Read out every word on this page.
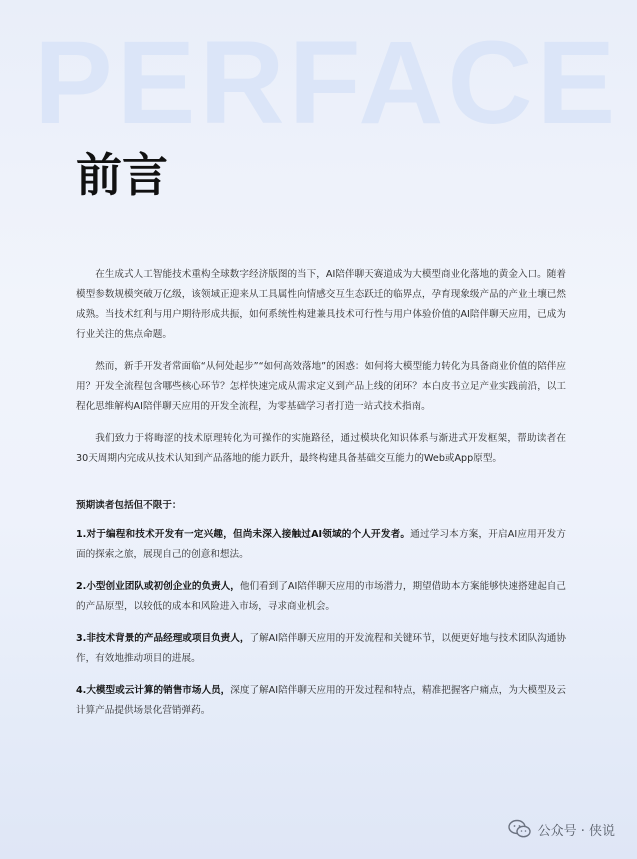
PERFACE
前言

在生成式人工智能技术重构全球数字经济版图的当下，AI陪伴聊天赛道成为大模型商业化落地的黄金入口。随着模型参数规模突破万亿级，该领域正迎来从工具属性向情感交互生态跃迁的临界点，孕育现象级产品的产业土壤已然成熟。当技术红利与用户期待形成共振，如何系统性构建兼具技术可行性与用户体验价值的AI陪伴聊天应用，已成为行业关注的焦点命题。

然而，新手开发者常面临“从何处起步”“如何高效落地”的困惑：如何将大模型能力转化为具备商业价值的陪伴应用？开发全流程包含哪些核心环节？怎样快速完成从需求定义到产品上线的闭环？本白皮书立足产业实践前沿，以工程化思维解构AI陪伴聊天应用的开发全流程，为零基础学习者打造一站式技术指南。

我们致力于将晦涩的技术原理转化为可操作的实施路径，通过模块化知识体系与渐进式开发框架，帮助读者在30天周期内完成从技术认知到产品落地的能力跃升，最终构建具备基础交互能力的Web或App原型。

预期读者包括但不限于：
1.对于编程和技术开发有一定兴趣，但尚未深入接触过AI领域的个人开发者。通过学习本方案，开启AI应用开发方面的探索之旅，展现自己的创意和想法。
2.小型创业团队或初创企业的负责人，他们看到了AI陪伴聊天应用的市场潜力，期望借助本方案能够快速搭建起自己的产品原型，以较低的成本和风险进入市场，寻求商业机会。
3.非技术背景的产品经理或项目负责人，了解AI陪伴聊天应用的开发流程和关键环节，以便更好地与技术团队沟通协作，有效地推动项目的进展。
4.大模型或云计算的销售市场人员，深度了解AI陪伴聊天应用的开发过程和特点，精准把握客户痛点，为大模型及云计算产品提供场景化营销弹药。
公众号 · 侠说
